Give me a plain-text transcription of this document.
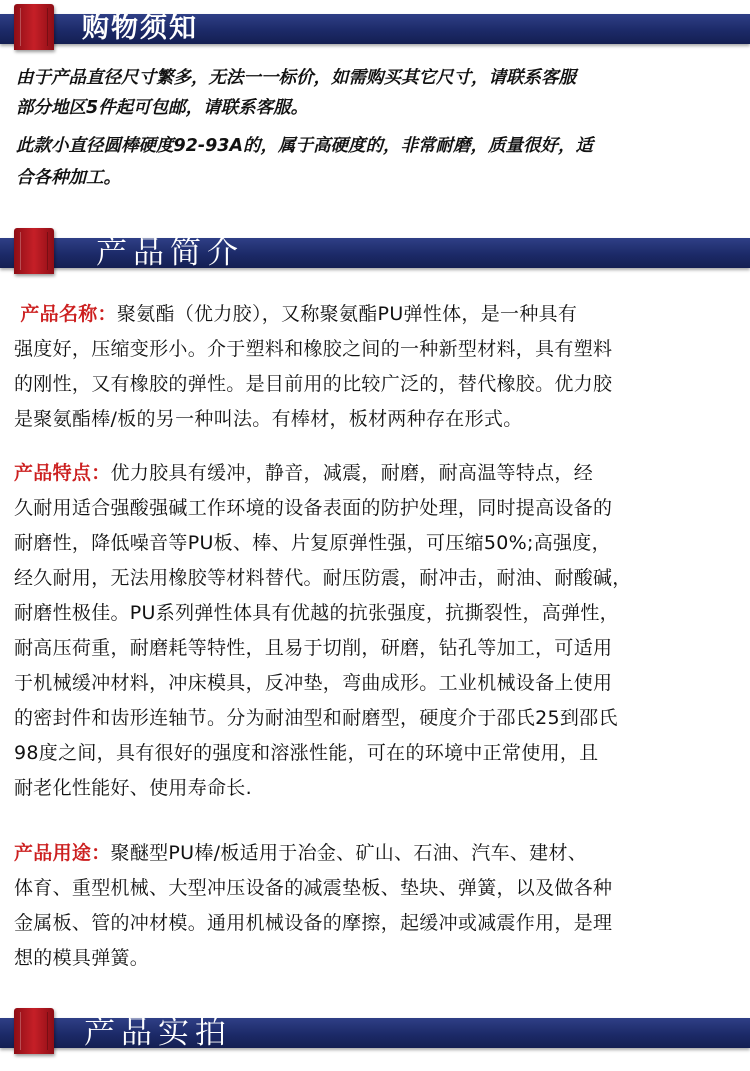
购物须知
由于产品直径尺寸繁多，无法一一标价，如需购买其它尺寸，请联系客服
部分地区5件起可包邮，请联系客服。
此款小直径圆棒硬度92-93A的，属于高硬度的，非常耐磨，质量很好，适
合各种加工。
产品简介
产品名称：聚氨酯（优力胶），又称聚氨酯PU弹性体，是一种具有
强度好，压缩变形小。介于塑料和橡胶之间的一种新型材料，具有塑料
的刚性，又有橡胶的弹性。是目前用的比较广泛的，替代橡胶。优力胶
是聚氨酯棒/板的另一种叫法。有棒材，板材两种存在形式。
产品特点：优力胶具有缓冲，静音，减震，耐磨，耐高温等特点，经
久耐用适合强酸强碱工作环境的设备表面的防护处理，同时提高设备的
耐磨性，降低噪音等PU板、棒、片复原弹性强，可压缩50%;高强度，
经久耐用，无法用橡胶等材料替代。耐压防震，耐冲击，耐油、耐酸碱，
耐磨性极佳。PU系列弹性体具有优越的抗张强度，抗撕裂性，高弹性，
耐高压荷重，耐磨耗等特性，且易于切削，研磨，钻孔等加工，可适用
于机械缓冲材料，冲床模具，反冲垫，弯曲成形。工业机械设备上使用
的密封件和齿形连轴节。分为耐油型和耐磨型，硬度介于邵氏25到邵氏
98度之间，具有很好的强度和溶涨性能，可在的环境中正常使用，且
耐老化性能好、使用寿命长.
产品用途：聚醚型PU棒/板适用于冶金、矿山、石油、汽车、建材、
体育、重型机械、大型冲压设备的减震垫板、垫块、弹簧，以及做各种
金属板、管的冲材模。通用机械设备的摩擦，起缓冲或减震作用，是理
想的模具弹簧。
产品实拍
